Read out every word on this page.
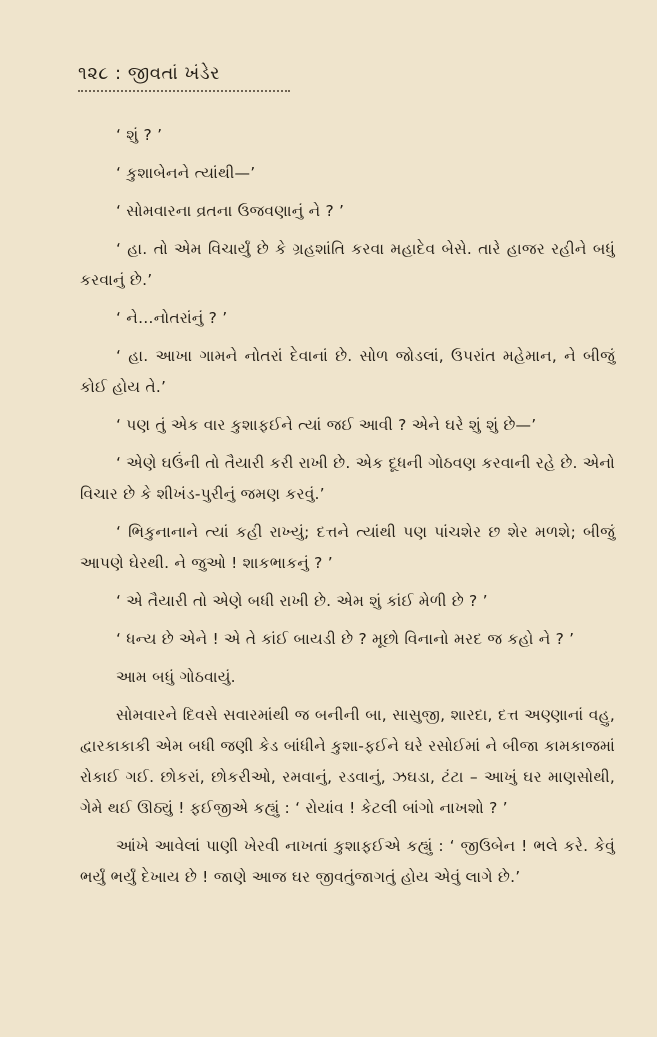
૧૨૮ : જીવતાં ખંડેર

‘ શું ? ’

‘ કુશાબેનને ત્યાંથી—’

‘ સોમવારના વ્રતના ઉજવણાનું ને ? ’

‘ હા. તો એમ વિચાર્યું છે કે ગ્રહશાંતિ કરવા મહાદેવ બેસે. તારે હાજર રહીને બધું કરવાનું છે.’

‘ ને…નોતરાંનું ? ’

‘ હા. આખા ગામને નોતરાં દેવાનાં છે. સોળ જોડલાં, ઉપરાંત મહેમાન, ને બીજું કોઈ હોય તે.’

‘ પણ તું એક વાર કુશાફઈને ત્યાં જઈ આવી ? એને ઘરે શું શું છે—’

‘ એણે ઘઉંની તો તૈયારી કરી રાખી છે. એક દૂધની ગોઠવણ કરવાની રહે છે. એનો વિચાર છે કે શીખંડ-પુરીનું જમણ કરવું.’

‘ ભિકુનાનાને ત્યાં કહી રાખ્યું; દત્તને ત્યાંથી પણ પાંચશેર છ શેર મળશે; બીજું આપણે ઘેરથી. ને જુઓ ! શાકભાકનું ? ’

‘ એ તૈયારી તો એણે બધી રાખી છે. એમ શું કાંઈ મેળી છે ? ’

‘ ધન્ય છે એને ! એ તે કાંઈ બાયડી છે ? મૂછો વિનાનો મરદ જ કહો ને ? ’

આમ બધું ગોઠવાયું.

સોમવારને દિવસે સવારમાંથી જ બનીની બા, સાસુજી, શારદા, દત્ત અણ્ણાનાં વહુ, દ્વારકાકાકી એમ બધી જણી કેડ બાંધીને કુશા-ફઈને ઘરે રસોઈમાં ને બીજા કામકાજમાં રોકાઈ ગઈ. છોકરાં, છોકરીઓ, રમવાનું, રડવાનું, ઝઘડા, ટંટા – આખું ઘર માણસોથી, ગેમે થઈ ઊઠ્યું ! ફઈજીએ કહ્યું : ‘ રોયાંવ ! કેટલી બાંગો નાખશો ? ’

આંખે આવેલાં પાણી ખેરવી નાખતાં કુશાફઈએ કહ્યું : ‘ જીઉબેન ! ભલે કરે. કેવું ભર્યું ભર્યું દેખાય છે ! જાણે આજ ઘર જીવતુંજાગતું હોય એવું લાગે છે.’
